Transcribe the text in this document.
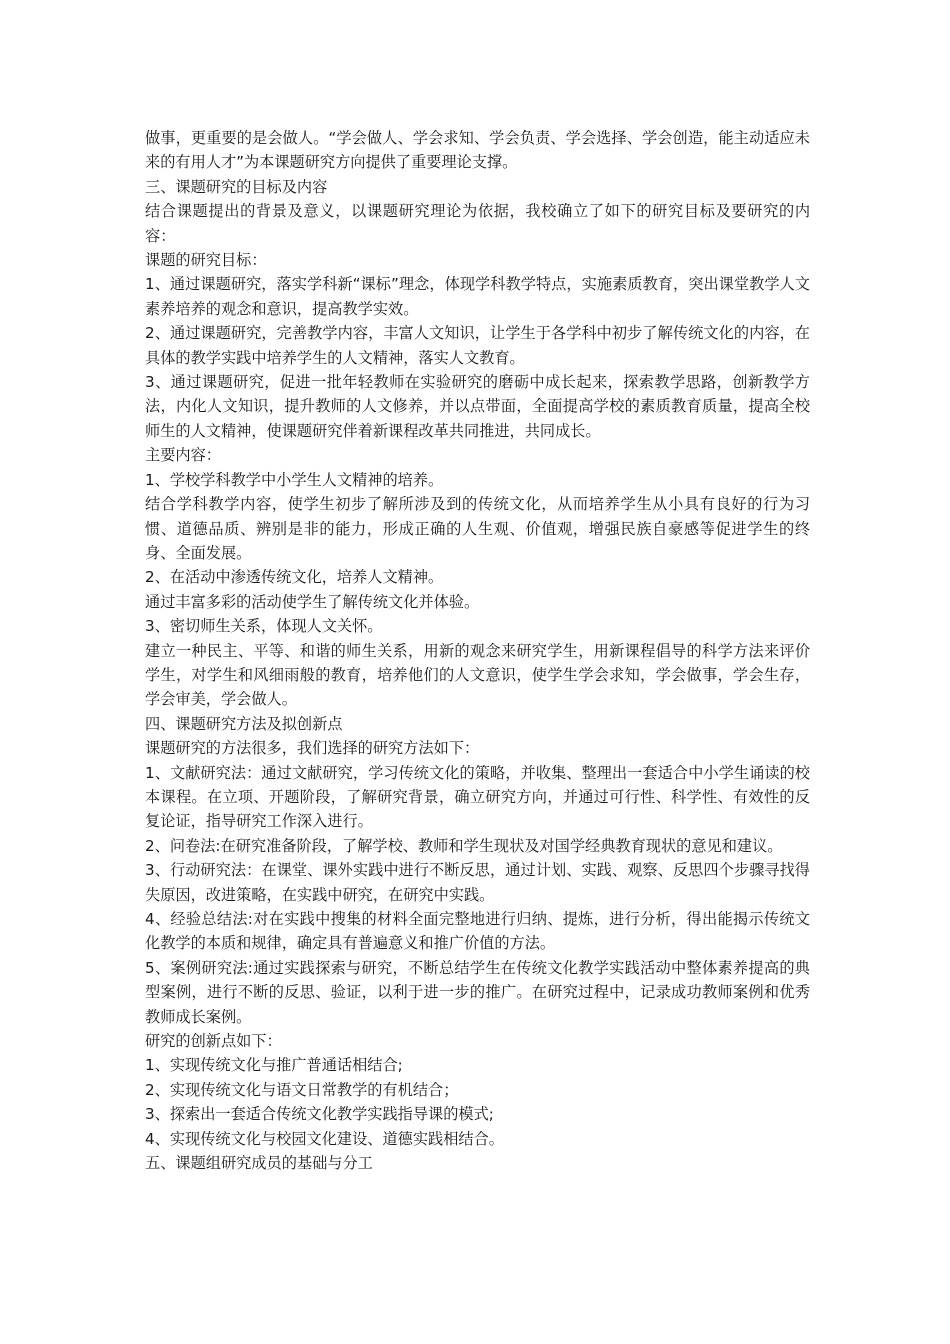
做事，更重要的是会做人。“学会做人、学会求知、学会负责、学会选择、学会创造，能主动适应未来的有用人才”为本课题研究方向提供了重要理论支撑。

三、课题研究的目标及内容

结合课题提出的背景及意义，以课题研究理论为依据，我校确立了如下的研究目标及要研究的内容：

课题的研究目标：

1、通过课题研究，落实学科新“课标”理念，体现学科教学特点，实施素质教育，突出课堂教学人文素养培养的观念和意识，提高教学实效。

2、通过课题研究，完善教学内容，丰富人文知识，让学生于各学科中初步了解传统文化的内容，在具体的教学实践中培养学生的人文精神，落实人文教育。

3、通过课题研究，促进一批年轻教师在实验研究的磨砺中成长起来，探索教学思路，创新教学方法，内化人文知识，提升教师的人文修养，并以点带面，全面提高学校的素质教育质量，提高全校师生的人文精神，使课题研究伴着新课程改革共同推进，共同成长。

主要内容：

1、学校学科教学中小学生人文精神的培养。

结合学科教学内容，使学生初步了解所涉及到的传统文化，从而培养学生从小具有良好的行为习惯、道德品质、辨别是非的能力，形成正确的人生观、价值观，增强民族自豪感等促进学生的终身、全面发展。

2、在活动中渗透传统文化，培养人文精神。

通过丰富多彩的活动使学生了解传统文化并体验。

3、密切师生关系，体现人文关怀。

建立一种民主、平等、和谐的师生关系，用新的观念来研究学生，用新课程倡导的科学方法来评价学生，对学生和风细雨般的教育，培养他们的人文意识，使学生学会求知，学会做事，学会生存，学会审美，学会做人。

四、课题研究方法及拟创新点

课题研究的方法很多，我们选择的研究方法如下：

1、文献研究法：通过文献研究，学习传统文化的策略，并收集、整理出一套适合中小学生诵读的校本课程。在立项、开题阶段，了解研究背景，确立研究方向，并通过可行性、科学性、有效性的反复论证，指导研究工作深入进行。

2、问卷法:在研究准备阶段，了解学校、教师和学生现状及对国学经典教育现状的意见和建议。

3、行动研究法：在课堂、课外实践中进行不断反思，通过计划、实践、观察、反思四个步骤寻找得失原因，改进策略，在实践中研究，在研究中实践。

4、经验总结法:对在实践中搜集的材料全面完整地进行归纳、提炼，进行分析，得出能揭示传统文化教学的本质和规律，确定具有普遍意义和推广价值的方法。

5、案例研究法:通过实践探索与研究，不断总结学生在传统文化教学实践活动中整体素养提高的典型案例，进行不断的反思、验证，以利于进一步的推广。在研究过程中，记录成功教师案例和优秀教师成长案例。

研究的创新点如下：

1、实现传统文化与推广普通话相结合;

2、实现传统文化与语文日常教学的有机结合；

3、探索出一套适合传统文化教学实践指导课的模式;

4、实现传统文化与校园文化建设、道德实践相结合。

五、课题组研究成员的基础与分工
